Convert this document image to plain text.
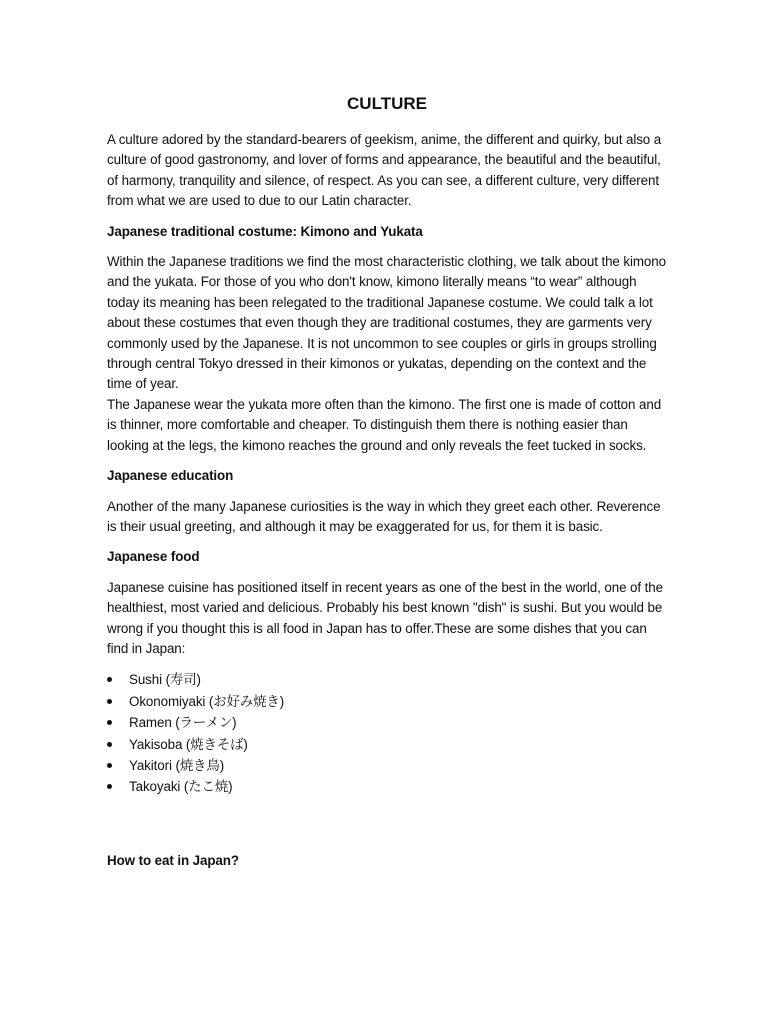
CULTURE

A culture adored by the standard-bearers of geekism, anime, the different and quirky, but also a culture of good gastronomy, and lover of forms and appearance, the beautiful and the beautiful, of harmony, tranquility and silence, of respect. As you can see, a different culture, very different from what we are used to due to our Latin character.

Japanese traditional costume: Kimono and Yukata

Within the Japanese traditions we find the most characteristic clothing, we talk about the kimono and the yukata. For those of you who don't know, kimono literally means “to wear” although today its meaning has been relegated to the traditional Japanese costume. We could talk a lot about these costumes that even though they are traditional costumes, they are garments very commonly used by the Japanese. It is not uncommon to see couples or girls in groups strolling through central Tokyo dressed in their kimonos or yukatas, depending on the context and the time of year.

The Japanese wear the yukata more often than the kimono. The first one is made of cotton and is thinner, more comfortable and cheaper. To distinguish them there is nothing easier than looking at the legs, the kimono reaches the ground and only reveals the feet tucked in socks.

Japanese education

Another of the many Japanese curiosities is the way in which they greet each other. Reverence is their usual greeting, and although it may be exaggerated for us, for them it is basic.

Japanese food

Japanese cuisine has positioned itself in recent years as one of the best in the world, one of the healthiest, most varied and delicious. Probably his best known "dish" is sushi. But you would be wrong if you thought this is all food in Japan has to offer.These are some dishes that you can find in Japan:

Sushi (寿司)
Okonomiyaki (お好み焼き)
Ramen (ラーメン)
Yakisoba (焼きそば)
Yakitori (焼き鳥)
Takoyaki (たこ焼)

How to eat in Japan?
